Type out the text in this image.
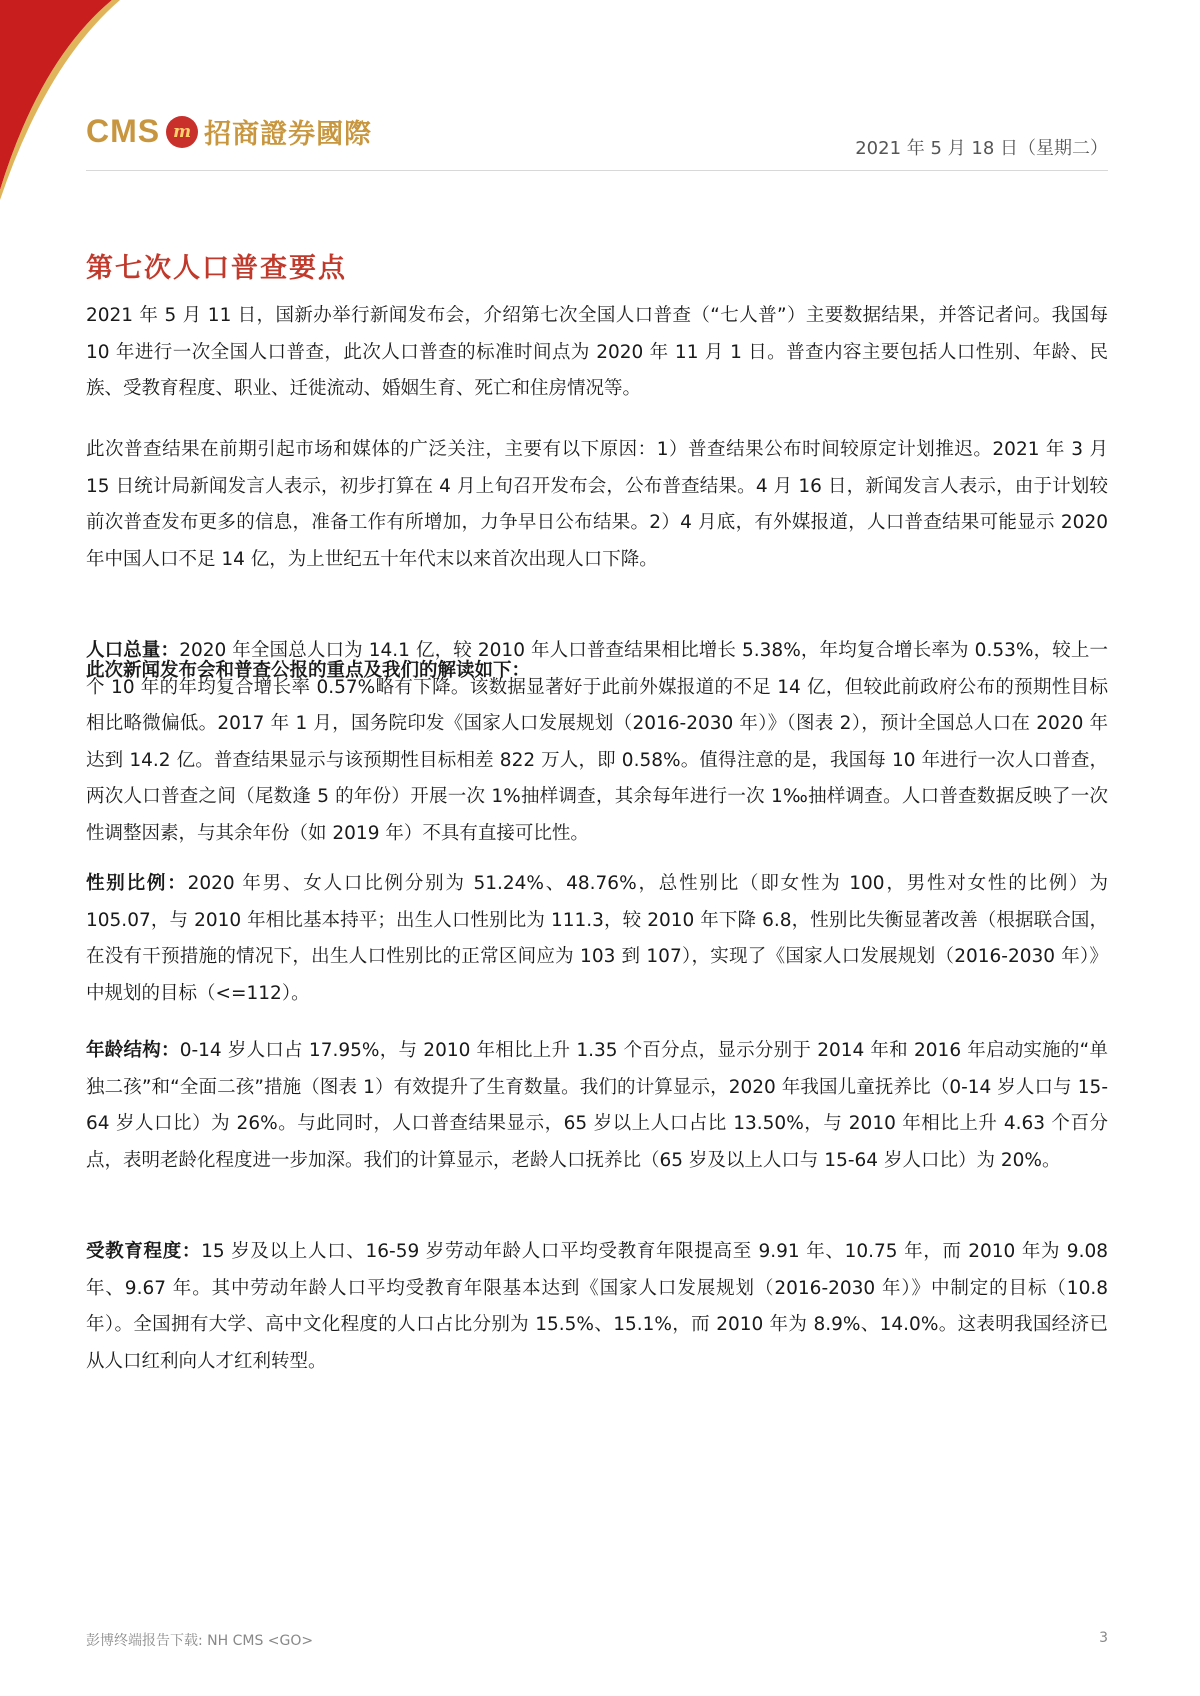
CMS m 招商證券國際	2021 年 5 月 18 日（星期二）
第七次人口普查要点

2021 年 5 月 11 日，国新办举行新闻发布会，介绍第七次全国人口普查（“七人普”）主要数据结果，并答记者问。我国每 10 年进行一次全国人口普查，此次人口普查的标准时间点为 2020 年 11 月 1 日。普查内容主要包括人口性别、年龄、民族、受教育程度、职业、迁徙流动、婚姻生育、死亡和住房情况等。

此次普查结果在前期引起市场和媒体的广泛关注，主要有以下原因：1）普查结果公布时间较原定计划推迟。2021 年 3 月 15 日统计局新闻发言人表示，初步打算在 4 月上旬召开发布会，公布普查结果。4 月 16 日，新闻发言人表示，由于计划较前次普查发布更多的信息，准备工作有所增加，力争早日公布结果。2）4 月底，有外媒报道，人口普查结果可能显示 2020 年中国人口不足 14 亿，为上世纪五十年代末以来首次出现人口下降。

此次新闻发布会和普查公报的重点及我们的解读如下：

人口总量：2020 年全国总人口为 14.1 亿，较 2010 年人口普查结果相比增长 5.38%，年均复合增长率为 0.53%，较上一个 10 年的年均复合增长率 0.57%略有下降。该数据显著好于此前外媒报道的不足 14 亿，但较此前政府公布的预期性目标相比略微偏低。2017 年 1 月，国务院印发《国家人口发展规划（2016-2030 年）》（图表 2），预计全国总人口在 2020 年达到 14.2 亿。普查结果显示与该预期性目标相差 822 万人，即 0.58%。值得注意的是，我国每 10 年进行一次人口普查，两次人口普查之间（尾数逢 5 的年份）开展一次 1%抽样调查，其余每年进行一次 1‰抽样调查。人口普查数据反映了一次性调整因素，与其余年份（如 2019 年）不具有直接可比性。

性别比例：2020 年男、女人口比例分别为 51.24%、48.76%，总性别比（即女性为 100，男性对女性的比例）为 105.07，与 2010 年相比基本持平；出生人口性别比为 111.3，较 2010 年下降 6.8，性别比失衡显著改善（根据联合国，在没有干预措施的情况下，出生人口性别比的正常区间应为 103 到 107），实现了《国家人口发展规划（2016-2030 年）》中规划的目标（<=112）。

年龄结构：0-14 岁人口占 17.95%，与 2010 年相比上升 1.35 个百分点，显示分别于 2014 年和 2016 年启动实施的“单独二孩”和“全面二孩”措施（图表 1）有效提升了生育数量。我们的计算显示，2020 年我国儿童抚养比（0-14 岁人口与 15-64 岁人口比）为 26%。与此同时，人口普查结果显示，65 岁以上人口占比 13.50%，与 2010 年相比上升 4.63 个百分点，表明老龄化程度进一步加深。我们的计算显示，老龄人口抚养比（65 岁及以上人口与 15-64 岁人口比）为 20%。

受教育程度：15 岁及以上人口、16-59 岁劳动年龄人口平均受教育年限提高至 9.91 年、10.75 年，而 2010 年为 9.08 年、9.67 年。其中劳动年龄人口平均受教育年限基本达到《国家人口发展规划（2016-2030 年）》中制定的目标（10.8 年）。全国拥有大学、高中文化程度的人口占比分别为 15.5%、15.1%，而 2010 年为 8.9%、14.0%。这表明我国经济已从人口红利向人才红利转型。

彭博终端报告下载: NH CMS <GO>	3
